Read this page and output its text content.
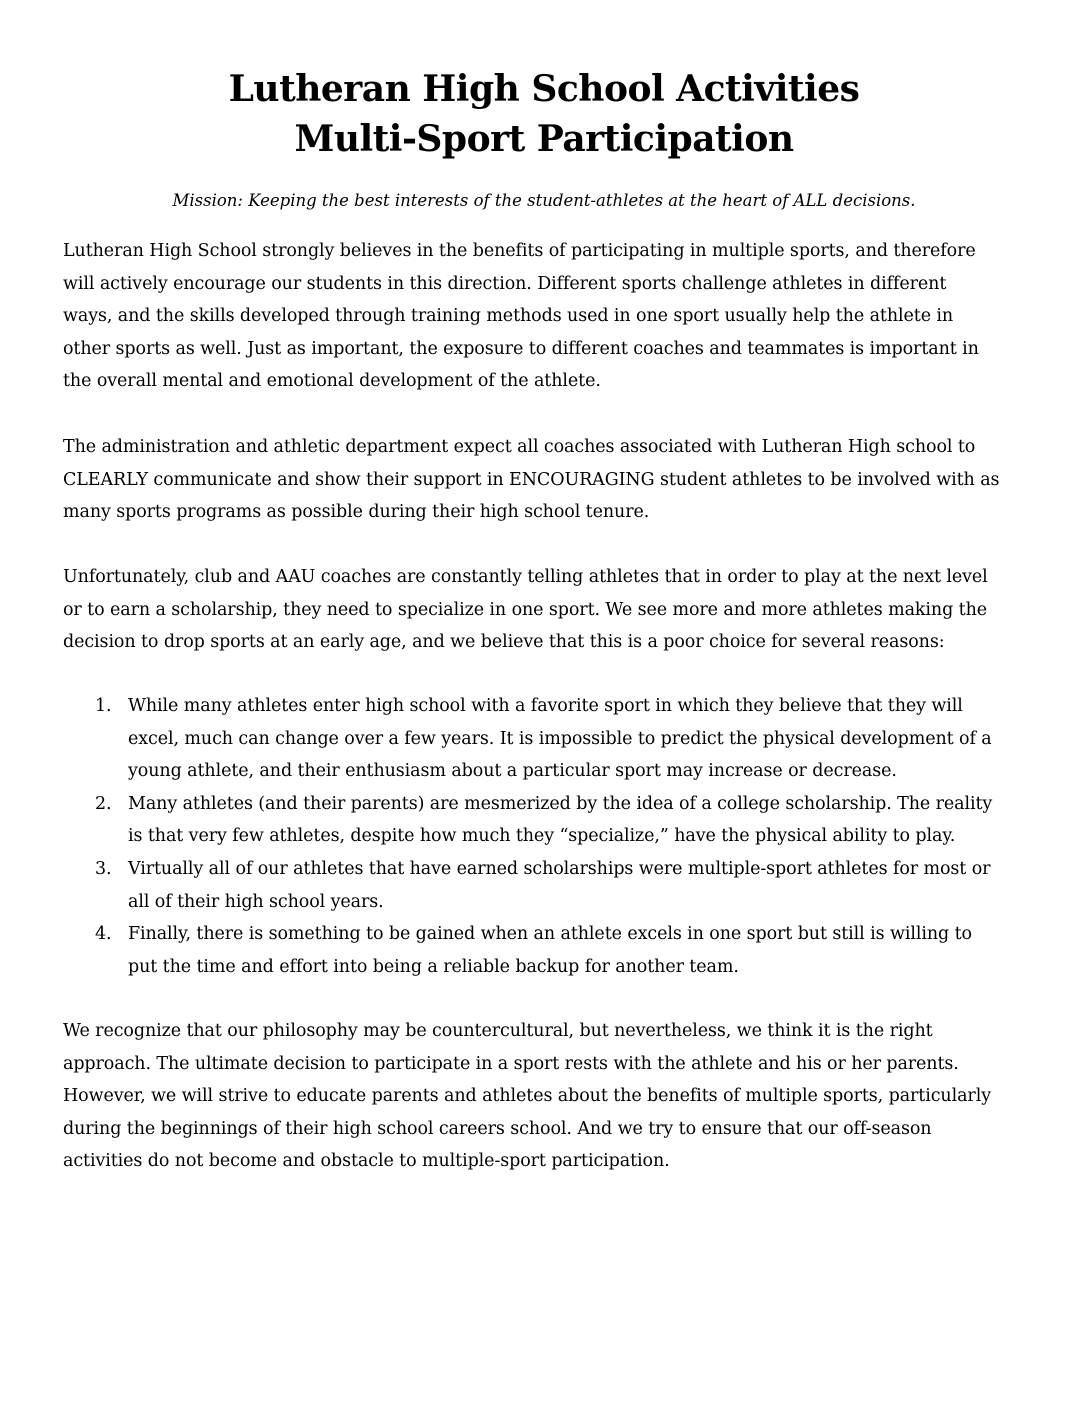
Lutheran High School Activities
Multi-Sport Participation
Mission: Keeping the best interests of the student-athletes at the heart of ALL decisions.

Lutheran High School strongly believes in the benefits of participating in multiple sports, and therefore
will actively encourage our students in this direction. Different sports challenge athletes in different
ways, and the skills developed through training methods used in one sport usually help the athlete in
other sports as well. Just as important, the exposure to different coaches and teammates is important in
the overall mental and emotional development of the athlete.

The administration and athletic department expect all coaches associated with Lutheran High school to
CLEARLY communicate and show their support in ENCOURAGING student athletes to be involved with as
many sports programs as possible during their high school tenure.

Unfortunately, club and AAU coaches are constantly telling athletes that in order to play at the next level
or to earn a scholarship, they need to specialize in one sport. We see more and more athletes making the
decision to drop sports at an early age, and we believe that this is a poor choice for several reasons:

1. While many athletes enter high school with a favorite sport in which they believe that they will
excel, much can change over a few years. It is impossible to predict the physical development of a
young athlete, and their enthusiasm about a particular sport may increase or decrease.
2. Many athletes (and their parents) are mesmerized by the idea of a college scholarship. The reality
is that very few athletes, despite how much they “specialize,” have the physical ability to play.
3. Virtually all of our athletes that have earned scholarships were multiple-sport athletes for most or
all of their high school years.
4. Finally, there is something to be gained when an athlete excels in one sport but still is willing to
put the time and effort into being a reliable backup for another team.

We recognize that our philosophy may be countercultural, but nevertheless, we think it is the right
approach. The ultimate decision to participate in a sport rests with the athlete and his or her parents.
However, we will strive to educate parents and athletes about the benefits of multiple sports, particularly
during the beginnings of their high school careers school. And we try to ensure that our off-season
activities do not become and obstacle to multiple-sport participation.
